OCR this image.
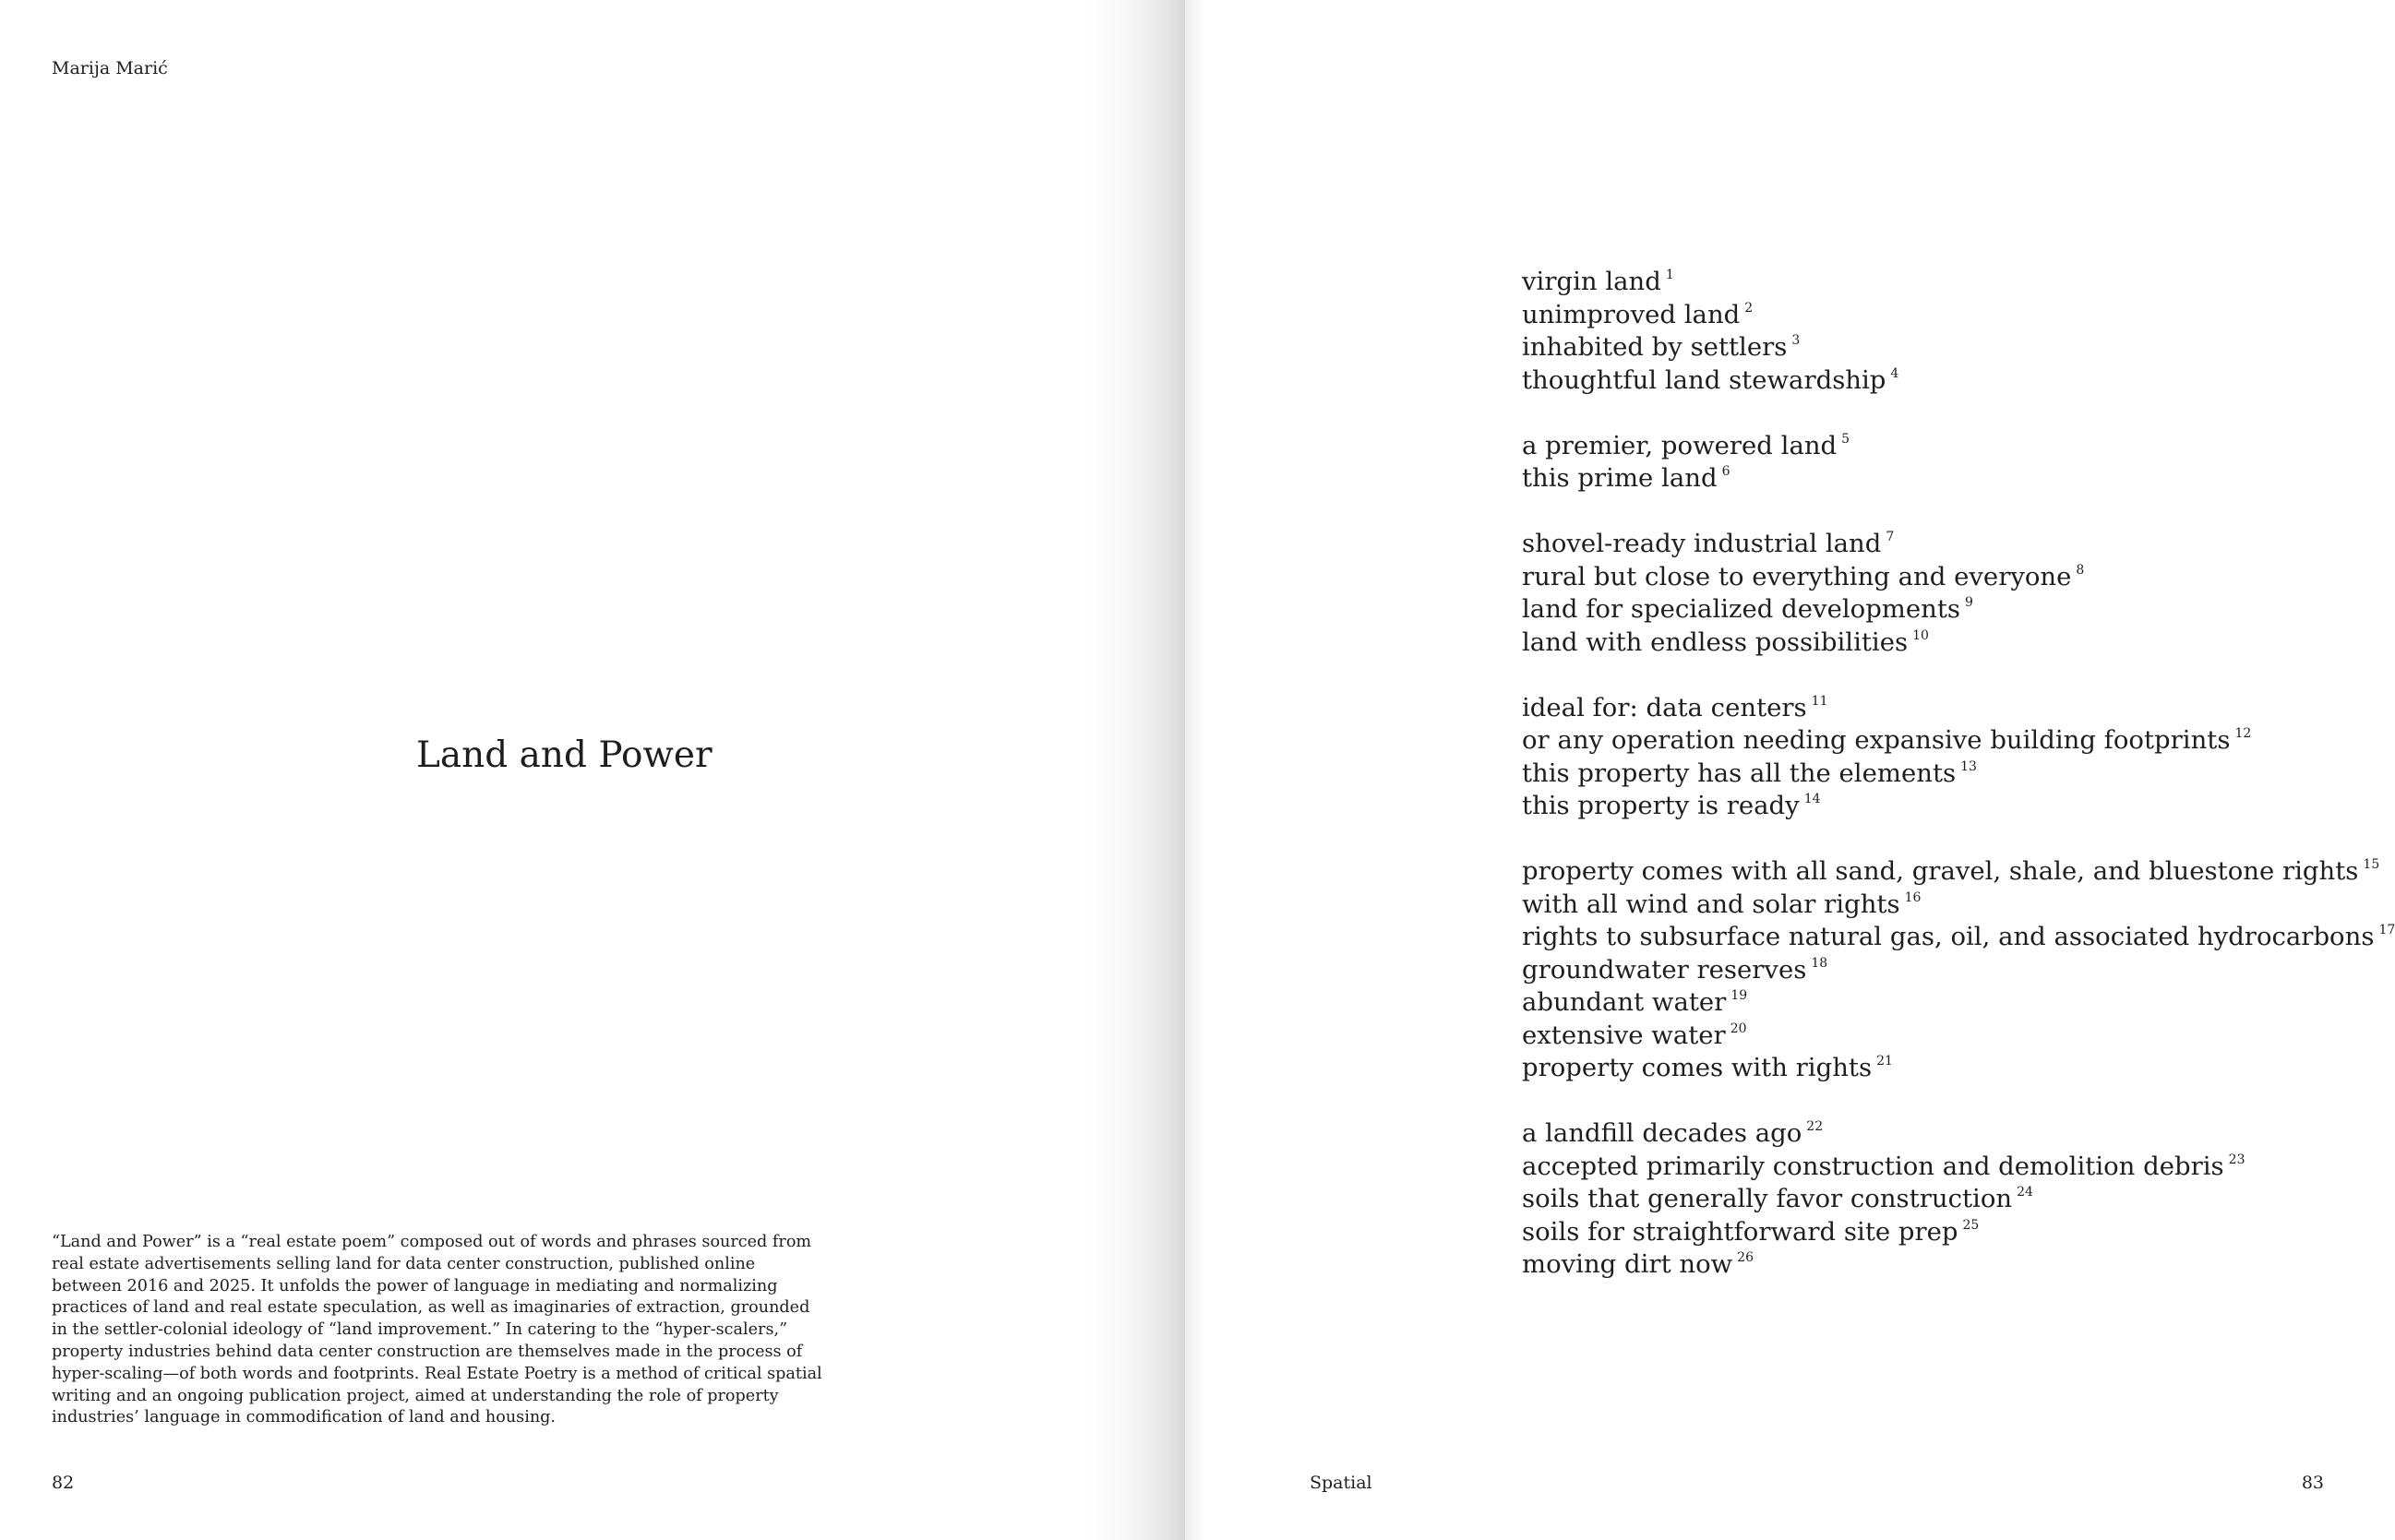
Marija Marić

Land and Power

“Land and Power” is a “real estate poem” composed out of words and phrases sourced from real estate advertisements selling land for data center construction, published online between 2016 and 2025. It unfolds the power of language in mediating and normalizing practices of land and real estate speculation, as well as imaginaries of extraction, grounded in the settler-colonial ideology of “land improvement.” In catering to the “hyper-scalers,” property industries behind data center construction are themselves made in the process of hyper-scaling—of both words and footprints. Real Estate Poetry is a method of critical spatial writing and an ongoing publication project, aimed at understanding the role of property industries’ language in commodification of land and housing.

82

virgin land $^1$
unimproved land $^2$
inhabited by settlers $^3$
thoughtful land stewardship $^4$
a premier, powered land $^5$
this prime land $^6$
shovel-ready industrial land $^7$
rural but close to everything and everyone $^8$
land for specialized developments $^9$
land with endless possibilities $^{10}$
ideal for: data centers $^{11}$
or any operation needing expansive building footprints $^{12}$
this property has all the elements $^{13}$
this property is ready $^{14}$
property comes with all sand, gravel, shale, and bluestone rights $^{15}$
with all wind and solar rights $^{16}$
rights to subsurface natural gas, oil, and associated hydrocarbons $^{17}$
groundwater reserves $^{18}$
abundant water $^{19}$
extensive water $^{20}$
property comes with rights $^{21}$
a landfill decades ago $^{22}$
accepted primarily construction and demolition debris $^{23}$
soils that generally favor construction $^{24}$
soils for straightforward site prep $^{25}$
moving dirt now $^{26}$

Spatial	83
